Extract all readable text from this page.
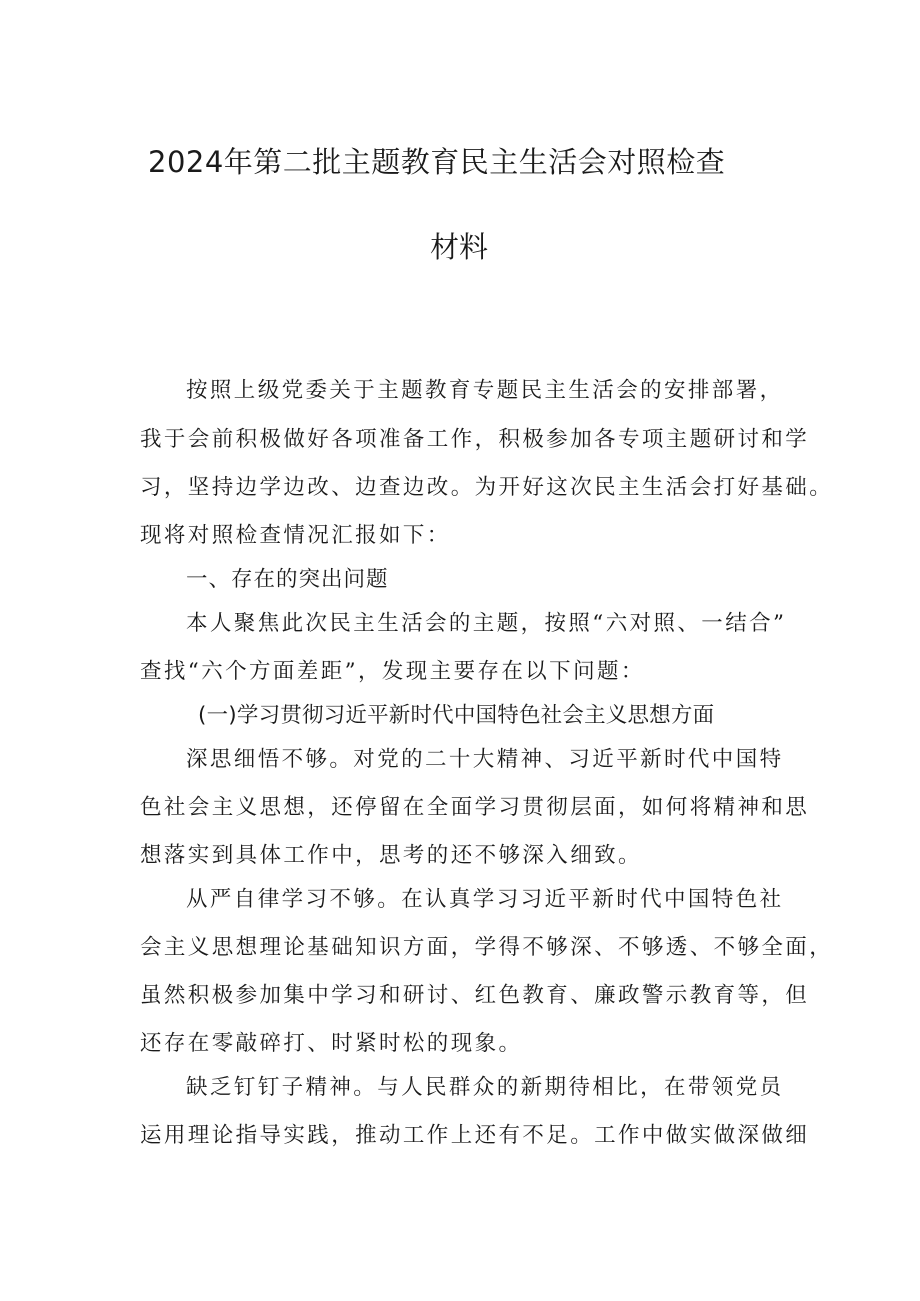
2024年第二批主题教育民主生活会对照检查
材料
按照上级党委关于主题教育专题民主生活会的安排部署，
我于会前积极做好各项准备工作，积极参加各专项主题研讨和学
习，坚持边学边改、边查边改。为开好这次民主生活会打好基础。
现将对照检查情况汇报如下：
一、存在的突出问题
本人聚焦此次民主生活会的主题，按照“六对照、一结合”
查找“六个方面差距”，发现主要存在以下问题：
(一)学习贯彻习近平新时代中国特色社会主义思想方面
深思细悟不够。对党的二十大精神、习近平新时代中国特
色社会主义思想，还停留在全面学习贯彻层面，如何将精神和思
想落实到具体工作中，思考的还不够深入细致。
从严自律学习不够。在认真学习习近平新时代中国特色社
会主义思想理论基础知识方面，学得不够深、不够透、不够全面，
虽然积极参加集中学习和研讨、红色教育、廉政警示教育等，但
还存在零敲碎打、时紧时松的现象。
缺乏钉钉子精神。与人民群众的新期待相比，在带领党员
运用理论指导实践，推动工作上还有不足。工作中做实做深做细
